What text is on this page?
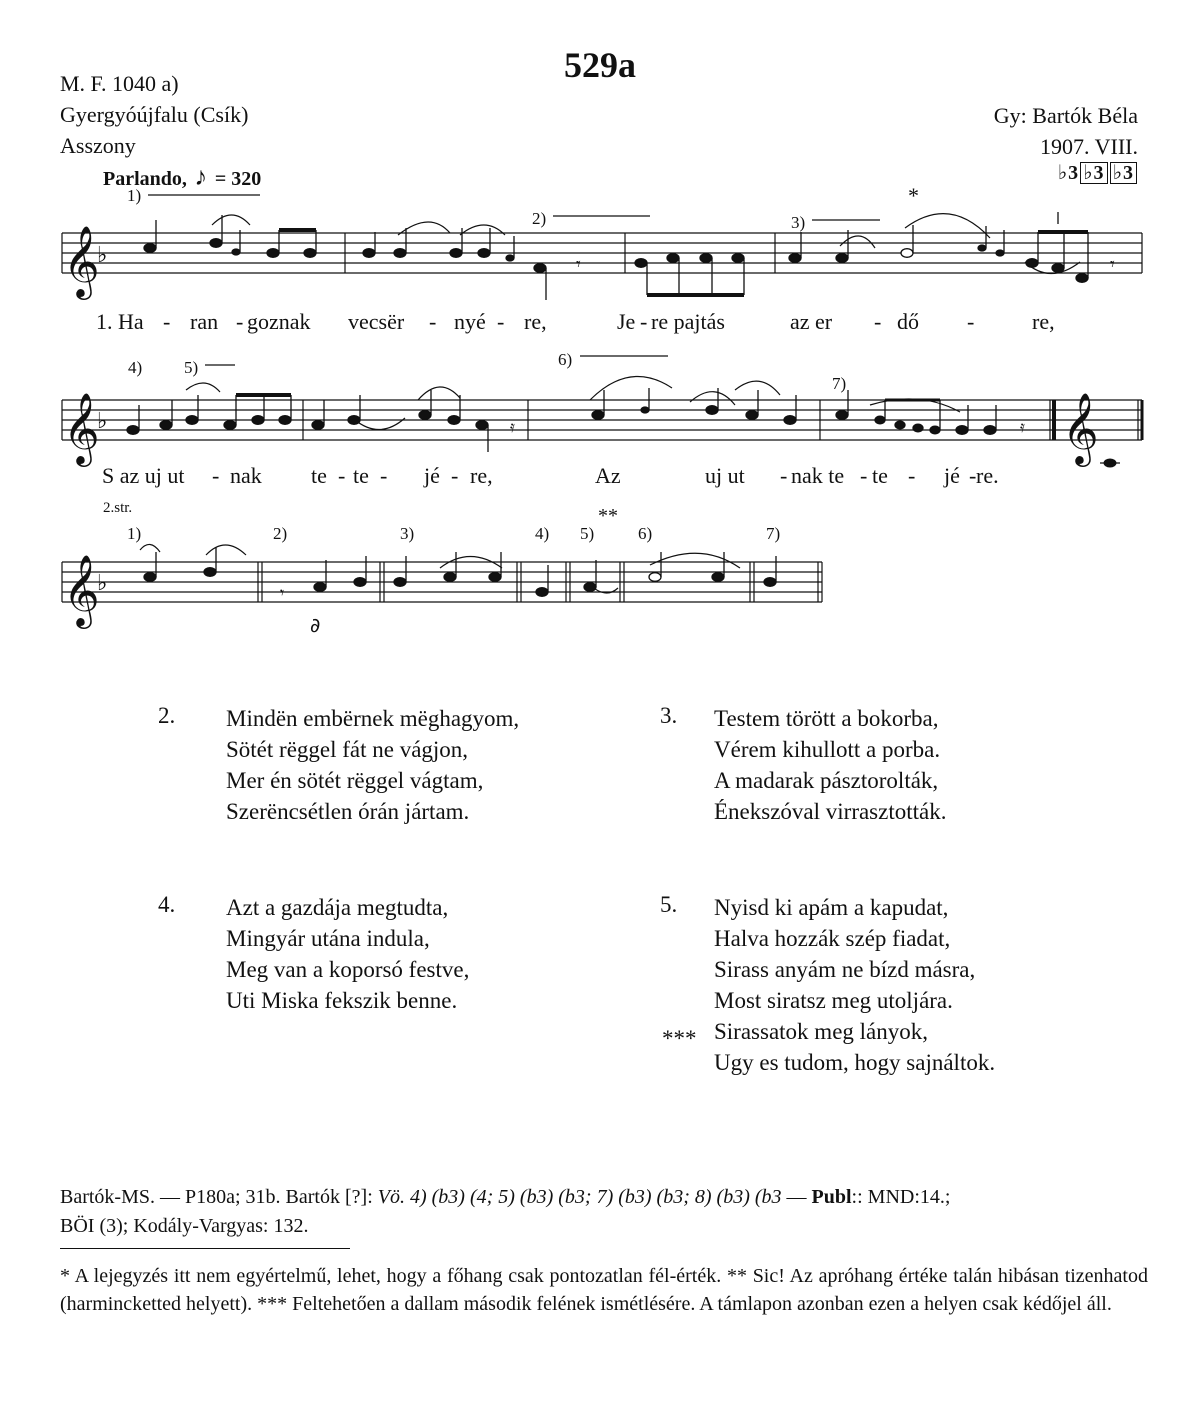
529a
M. F. 1040 a)
Gyergyóújfalu (Csík)
Asszony
Gy: Bartók Béla
1907. VIII.
Parlando, ♪ = 320	♭3 ♭3 ♭3
𝄞
♭
𝄞
♭	𝄞
𝄞
♭
∂
𝄾	𝄾
𝄿	𝄿
𝄾
1)
2)	3)
*
4) 5)	6)
7)
2.str.
1)	2)	3)	4) 5)
**
6)	7)
1. Ha - ran - goznak vecsër - nyé - re,	Je - re pajtás	az er - dő -	re,
S az uj ut - nak te - te - jé - re,	Az	uj ut - nak te - te - jé - re.
2. Mindën embërnek mëghagyom,
Sötét rëggel fát ne vágjon,
Mer én sötét rëggel vágtam,
Szerëncsétlen órán jártam.
3. Testem törött a bokorba,
Vérem kihullott a porba.
A madarak pásztorolták,
Énekszóval virrasztották.
4. Azt a gazdája megtudta,
Mingyár utána indula,
Meg van a koporsó festve,
Uti Miska fekszik benne.
5. Nyisd ki apám a kapudat,
Halva hozzák szép fiadat,
Sirass anyám ne bízd másra,
Most siratsz meg utoljára.
Sirassatok meg lányok,
Ugy es tudom, hogy sajnáltok.
***
Bartók-MS. — P180a; 31b. Bartók [?]: Vö. 4) (b3) (4; 5) (b3) (b3; 7) (b3) (b3; 8) (b3) (b3 — Publ:: MND:14.;
BÖI (3); Kodály-Vargyas: 132.
* A lejegyzés itt nem egyértelmű, lehet, hogy a főhang csak pontozatlan fél-érték. ** Sic! Az apróhang értéke talán hibásan tizenhatod (harmincketted helyett). *** Feltehetően a dallam második felének ismétlésére. A támlapon azonban ezen a helyen csak kédőjel áll.
